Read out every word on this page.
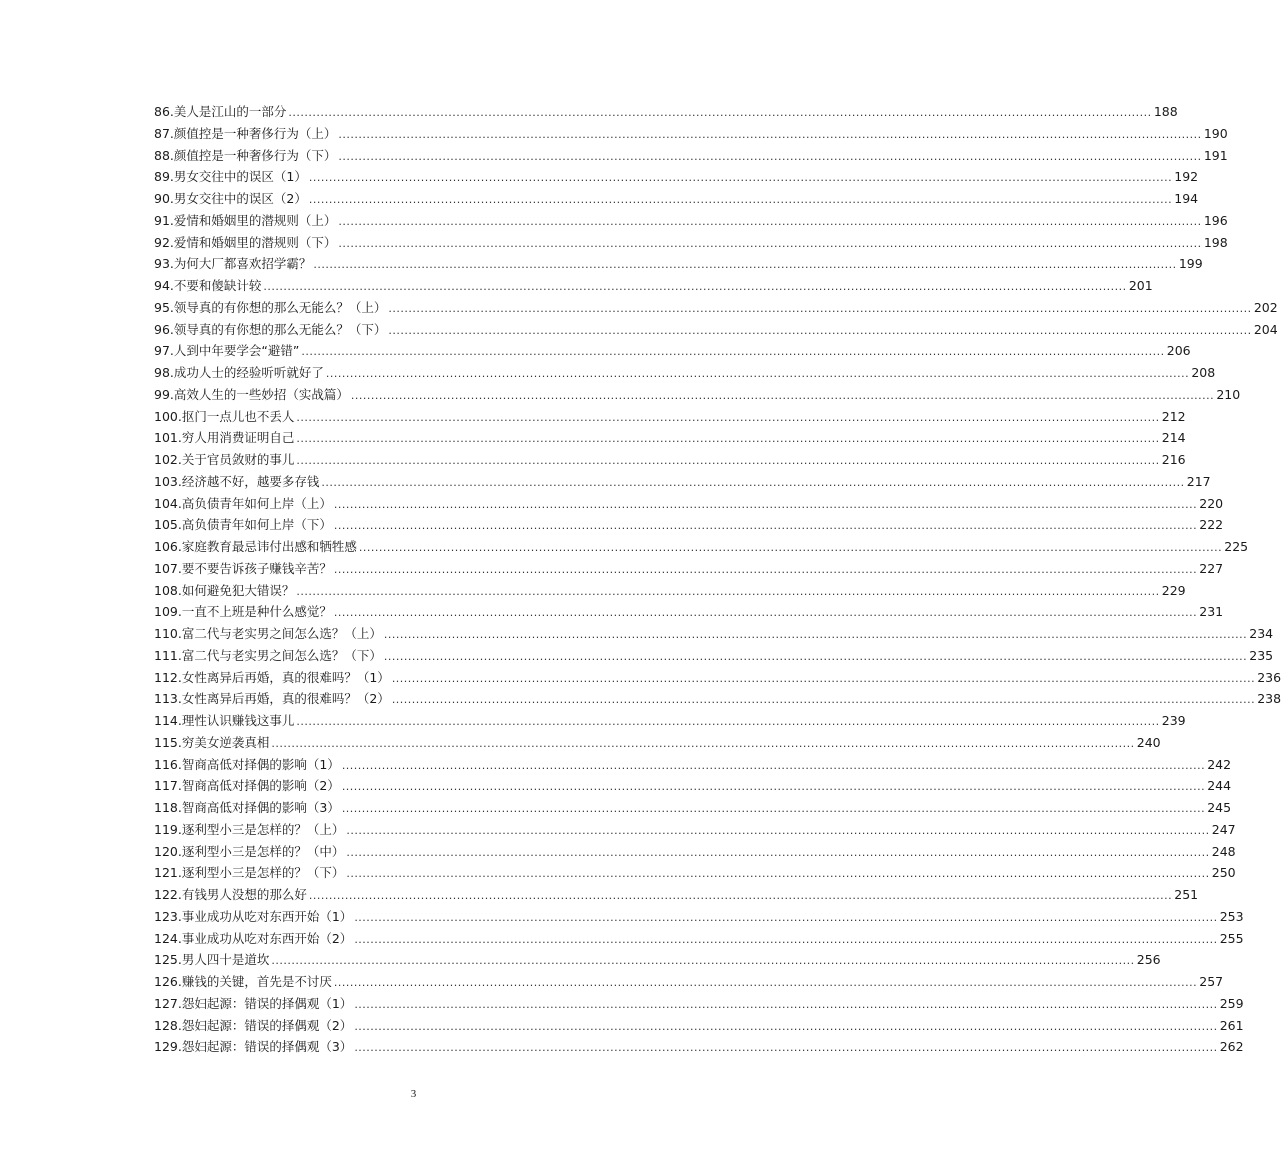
86. 美人是江山的一部分 .....	188
87. 颜值控是一种奢侈行为（上） .....	190
88. 颜值控是一种奢侈行为（下） .....	191
89. 男女交往中的误区（1） .....	192
90. 男女交往中的误区（2） .....	194
91. 爱情和婚姻里的潜规则（上） .....	196
92. 爱情和婚姻里的潜规则（下） .....	198
93. 为何大厂都喜欢招学霸？ .....	199
94. 不要和傻缺计较 .....	201
95. 领导真的有你想的那么无能么？（上） .....	202
96. 领导真的有你想的那么无能么？（下） .....	204
97. 人到中年要学会“避错” .....	206
98. 成功人士的经验听听就好了 .....	208
99. 高效人生的一些妙招（实战篇） .....	210
100. 抠门一点儿也不丢人 .....	212
101. 穷人用消费证明自己 .....	214
102. 关于官员敛财的事儿 .....	216
103. 经济越不好，越要多存钱 .....	217
104. 高负债青年如何上岸（上） .....	220
105. 高负债青年如何上岸（下） .....	222
106. 家庭教育最忌讳付出感和牺牲感 .....	225
107. 要不要告诉孩子赚钱辛苦？ .....	227
108. 如何避免犯大错误？ .....	229
109. 一直不上班是种什么感觉？ .....	231
110. 富二代与老实男之间怎么选？（上） .....	234
111. 富二代与老实男之间怎么选？（下） .....	235
112. 女性离异后再婚，真的很难吗？（1） .....	236
113. 女性离异后再婚，真的很难吗？（2） .....	238
114. 理性认识赚钱这事儿 .....	239
115. 穷美女逆袭真相 .....	240
116. 智商高低对择偶的影响（1） .....	242
117. 智商高低对择偶的影响（2） .....	244
118. 智商高低对择偶的影响（3） .....	245
119. 逐利型小三是怎样的？（上） .....	247
120. 逐利型小三是怎样的？（中） .....	248
121. 逐利型小三是怎样的？（下） .....	250
122. 有钱男人没想的那么好 .....	251
123. 事业成功从吃对东西开始（1） .....	253
124. 事业成功从吃对东西开始（2） .....	255
125. 男人四十是道坎 .....	256
126. 赚钱的关键，首先是不讨厌 .....	257
127. 怨妇起源：错误的择偶观（1） .....	259
128. 怨妇起源：错误的择偶观（2） .....	261
129. 怨妇起源：错误的择偶观（3） .....	262
3
